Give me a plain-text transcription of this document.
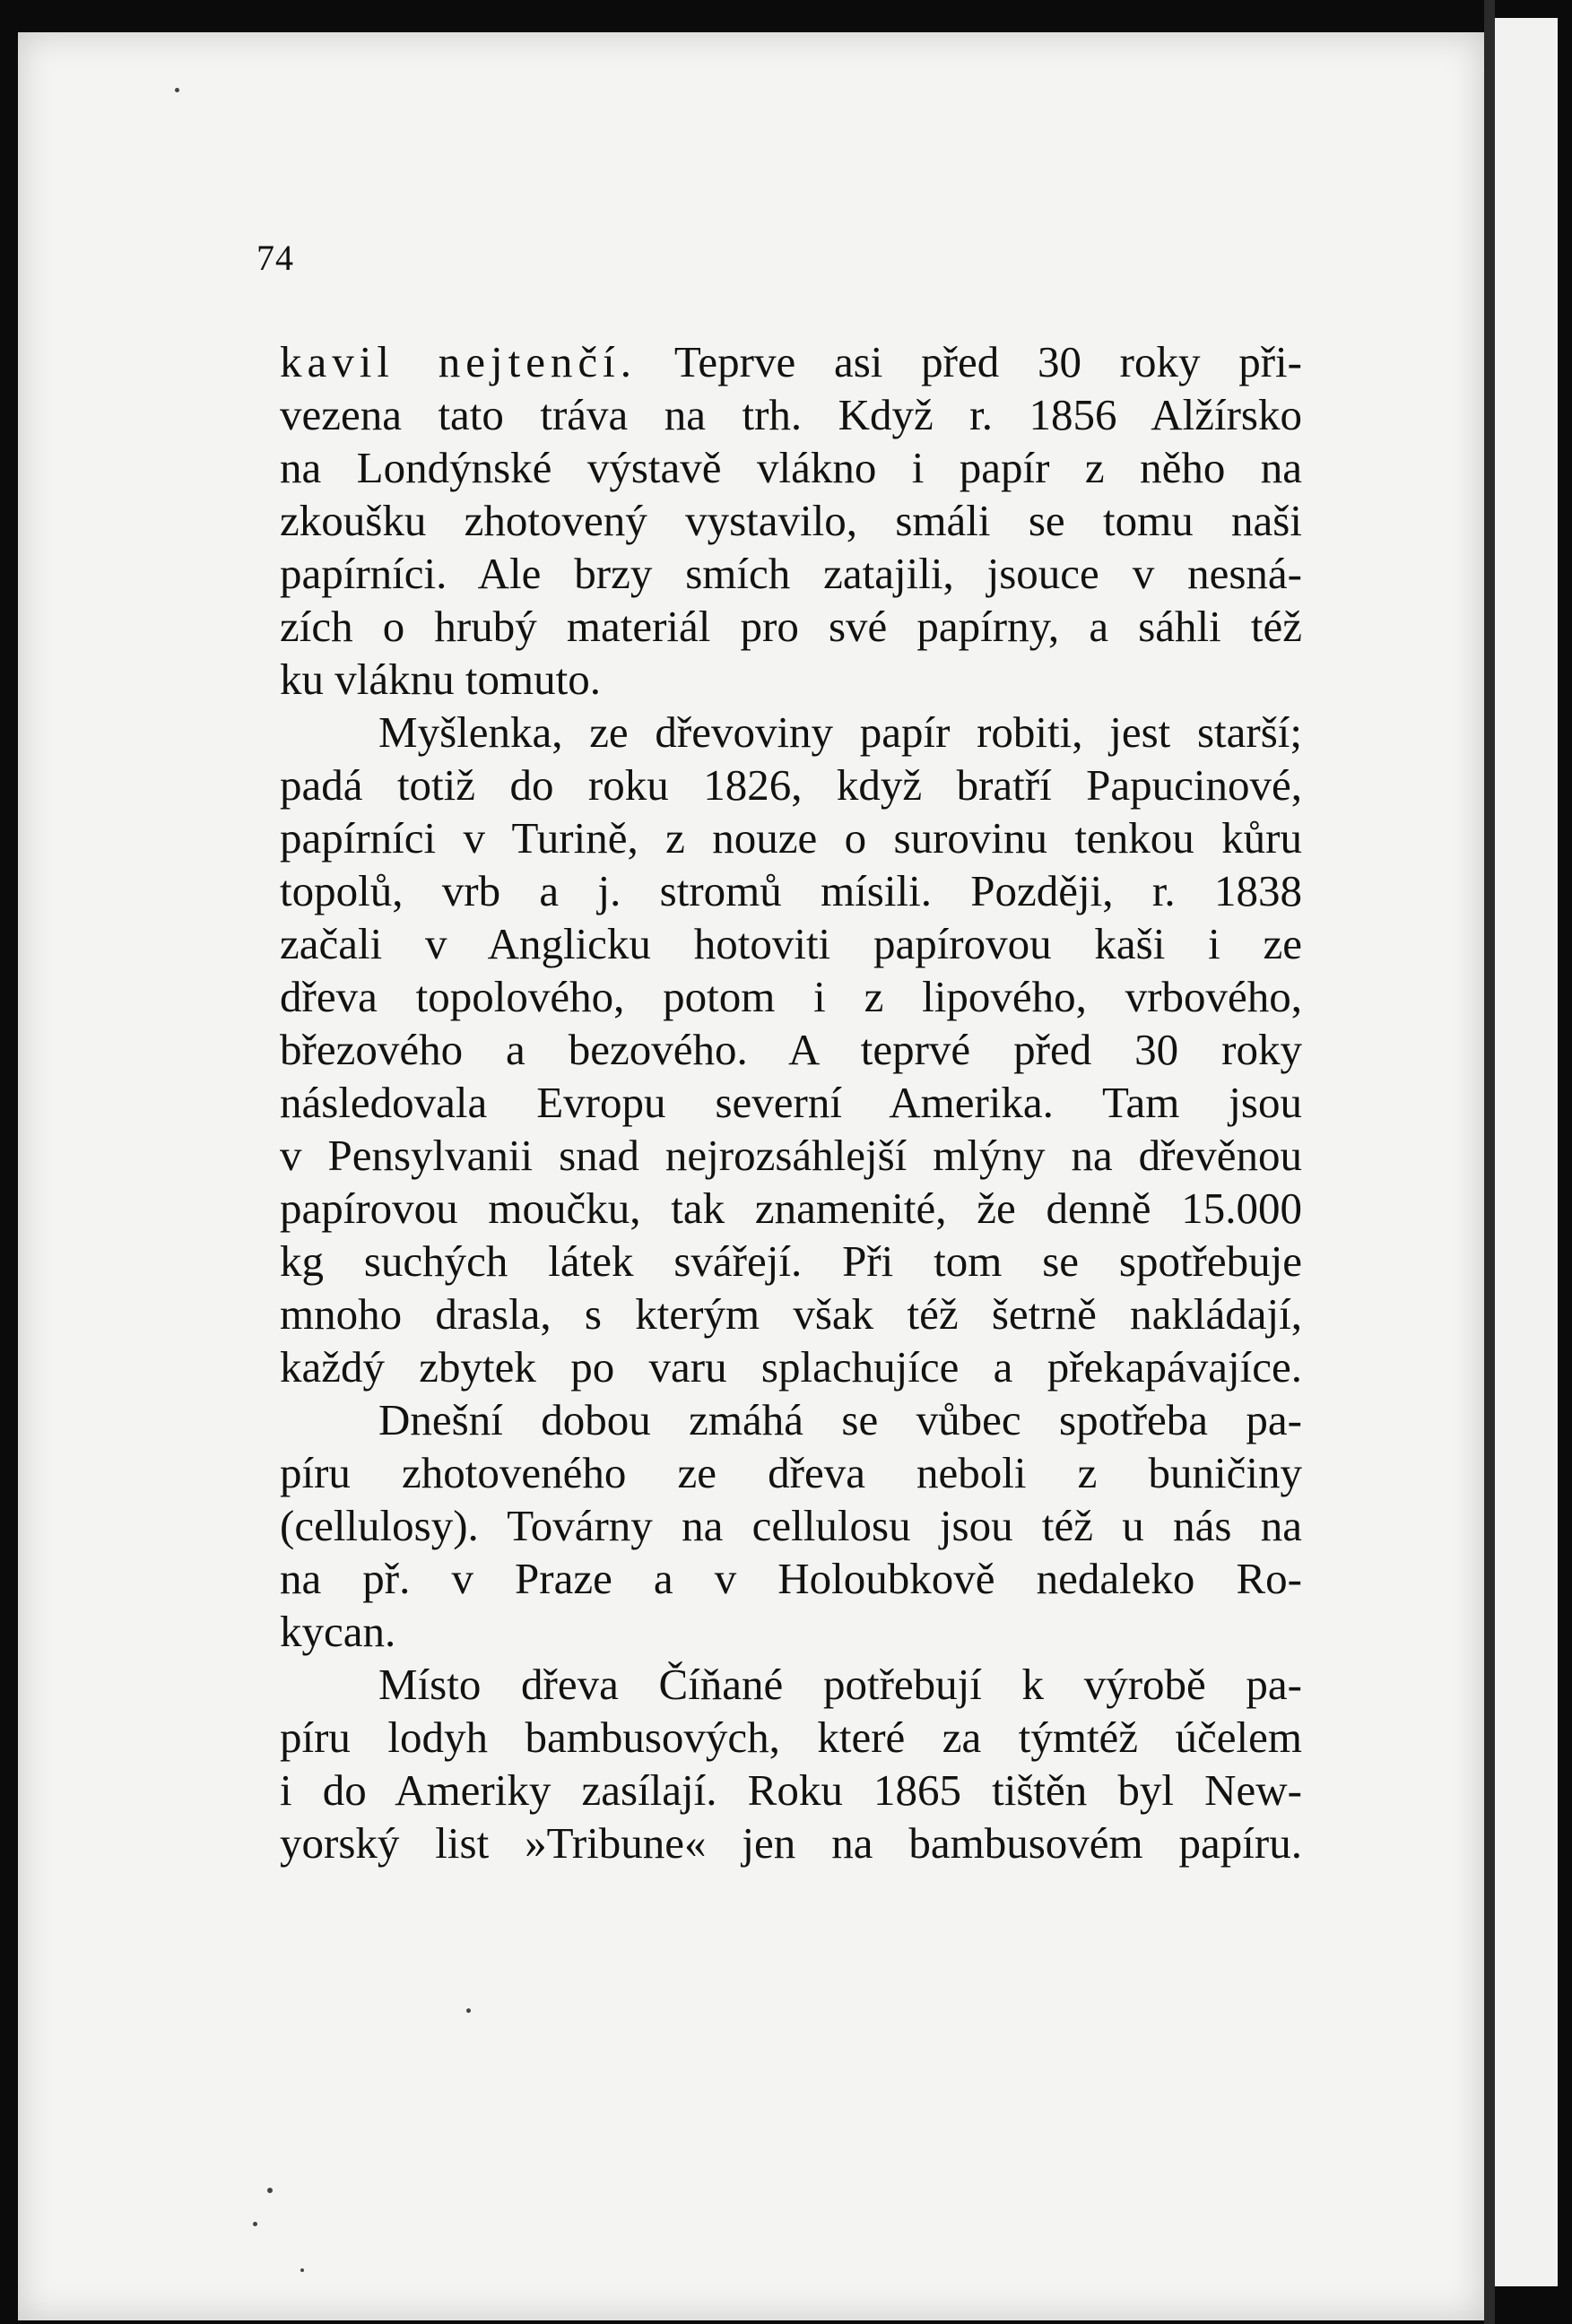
74
kavil nejtenčí. Teprve asi před 30 roky při-
vezena tato tráva na trh. Když r. 1856 Alžírsko
na Londýnské výstavě vlákno i papír z něho na
zkoušku zhotovený vystavilo, smáli se tomu naši
papírníci. Ale brzy smích zatajili, jsouce v nesná-
zích o hrubý materiál pro své papírny, a sáhli též
ku vláknu tomuto.
Myšlenka, ze dřevoviny papír robiti, jest starší;
padá totiž do roku 1826, když bratří Papucinové,
papírníci v Turině, z nouze o surovinu tenkou kůru
topolů, vrb a j. stromů mísili. Později, r. 1838
začali v Anglicku hotoviti papírovou kaši i ze
dřeva topolového, potom i z lipového, vrbového,
březového a bezového. A teprvé před 30 roky
následovala Evropu severní Amerika. Tam jsou
v Pensylvanii snad nejrozsáhlejší mlýny na dřevěnou
papírovou moučku, tak znamenité, že denně 15.000
kg suchých látek svářejí. Při tom se spotřebuje
mnoho drasla, s kterým však též šetrně nakládají,
každý zbytek po varu splachujíce a překapávajíce.
Dnešní dobou zmáhá se vůbec spotřeba pa-
píru zhotoveného ze dřeva neboli z buničiny
(cellulosy). Továrny na cellulosu jsou též u nás na
na př. v Praze a v Holoubkově nedaleko Ro-
kycan.
Místo dřeva Číňané potřebují k výrobě pa-
píru lodyh bambusových, které za týmtéž účelem
i do Ameriky zasílají. Roku 1865 tištěn byl New-
yorský list »Tribune« jen na bambusovém papíru.
